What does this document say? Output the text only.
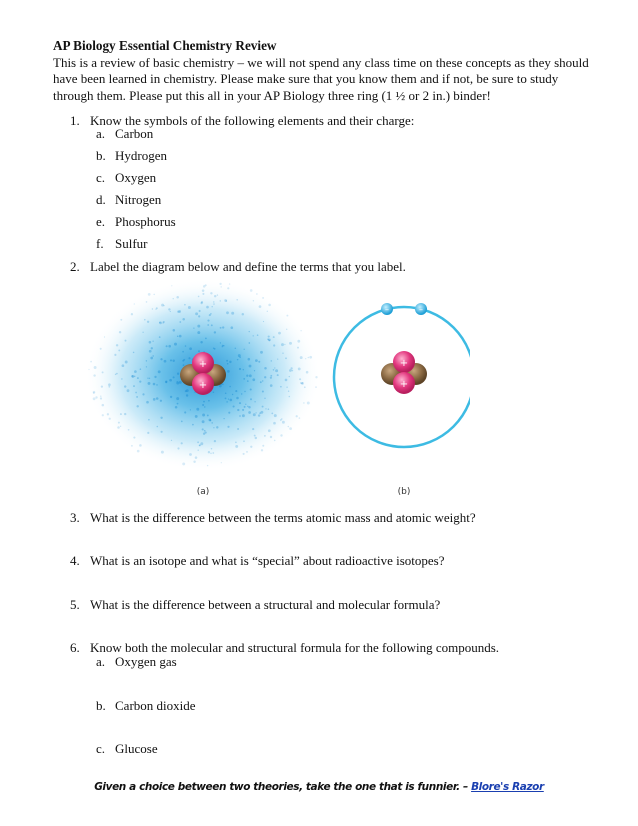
AP Biology Essential Chemistry Review
This is a review of basic chemistry – we will not spend any class time on these concepts as they should have been learned in chemistry. Please make sure that you know them and if not, be sure to study through them. Please put this all in your AP Biology three ring (1 ½ or 2 in.) binder!
1. Know the symbols of the following elements and their charge:
a. Carbon
b. Hydrogen
c. Oxygen
d. Nitrogen
e. Phosphorus
f. Sulfur
2. Label the diagram below and define the terms that you label.
+
+
–	–
+
+
(a)	(b)
3. What is the difference between the terms atomic mass and atomic weight?
4. What is an isotope and what is “special” about radioactive isotopes?
5. What is the difference between a structural and molecular formula?
6. Know both the molecular and structural formula for the following compounds.
a. Oxygen gas
b. Carbon dioxide
c. Glucose
Given a choice between two theories, take the one that is funnier. – Blore's Razor
